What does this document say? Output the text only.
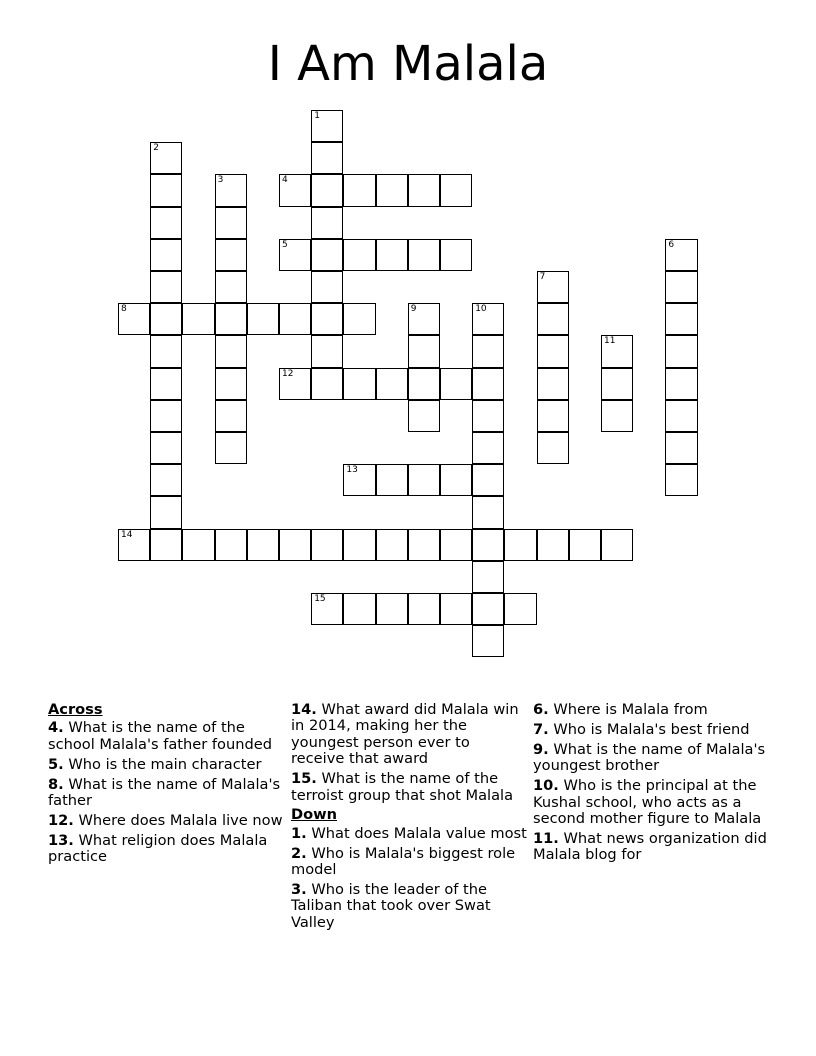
I Am Malala
1
2
3	4
5	6
7
8	9	10
11
12
13
14
15
Across
4. What is the name of the school Malala's father founded
5. Who is the main character
8. What is the name of Malala's father
12. Where does Malala live now
13. What religion does Malala practice
14. What award did Malala win in 2014, making her the youngest person ever to receive that award
15. What is the name of the terroist group that shot Malala
Down
1. What does Malala value most
2. Who is Malala's biggest role model
3. Who is the leader of the Taliban that took over Swat Valley
6. Where is Malala from
7. Who is Malala's best friend
9. What is the name of Malala's youngest brother
10. Who is the principal at the Kushal school, who acts as a second mother figure to Malala
11. What news organization did Malala blog for
